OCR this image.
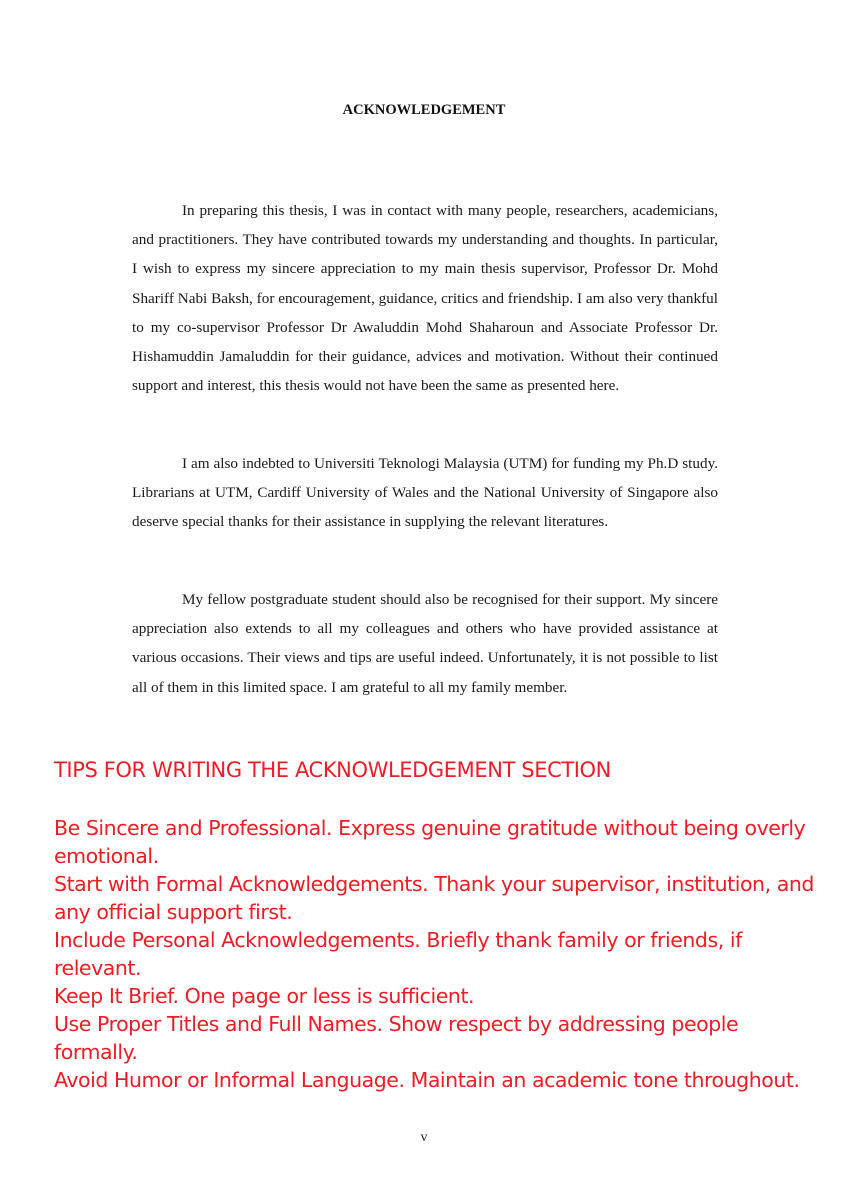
ACKNOWLEDGEMENT

In preparing this thesis, I was in contact with many people, researchers, academicians, and practitioners. They have contributed towards my understanding and thoughts. In particular, I wish to express my sincere appreciation to my main thesis supervisor, Professor Dr. Mohd Shariff Nabi Baksh, for encouragement, guidance, critics and friendship. I am also very thankful to my co-supervisor Professor Dr Awaluddin Mohd Shaharoun and Associate Professor Dr. Hishamuddin Jamaluddin for their guidance, advices and motivation. Without their continued support and interest, this thesis would not have been the same as presented here.

I am also indebted to Universiti Teknologi Malaysia (UTM) for funding my Ph.D study. Librarians at UTM, Cardiff University of Wales and the National University of Singapore also deserve special thanks for their assistance in supplying the relevant literatures.

My fellow postgraduate student should also be recognised for their support. My sincere appreciation also extends to all my colleagues and others who have provided assistance at various occasions. Their views and tips are useful indeed. Unfortunately, it is not possible to list all of them in this limited space. I am grateful to all my family member.

TIPS FOR WRITING THE ACKNOWLEDGEMENT SECTION
Be Sincere and Professional. Express genuine gratitude without being overly emotional.
Start with Formal Acknowledgements. Thank your supervisor, institution, and any official support first.
Include Personal Acknowledgements. Briefly thank family or friends, if relevant.
Keep It Brief. One page or less is sufficient.
Use Proper Titles and Full Names. Show respect by addressing people formally.
Avoid Humor or Informal Language. Maintain an academic tone throughout.

v
